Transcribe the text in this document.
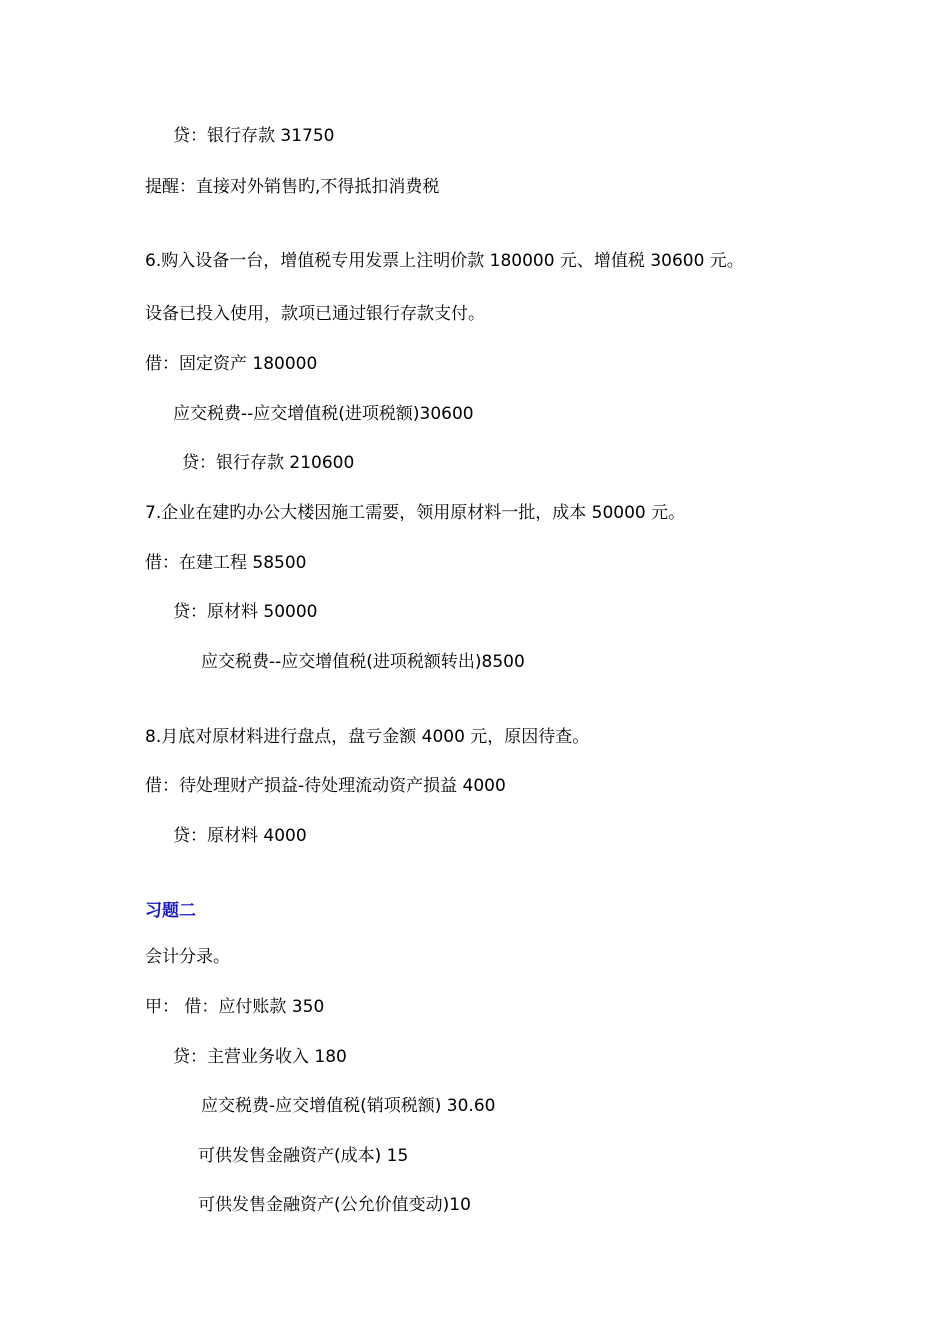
贷：银行存款 31750
提醒：直接对外销售旳,不得抵扣消费税
6.购入设备一台，增值税专用发票上注明价款 180000 元、增值税 30600 元。
设备已投入使用，款项已通过银行存款支付。
借：固定资产 180000
应交税费--应交增值税(进项税额)30600
贷：银行存款 210600
7.企业在建旳办公大楼因施工需要，领用原材料一批，成本 50000 元。
借：在建工程 58500
贷：原材料 50000
应交税费--应交增值税(进项税额转出)8500
8.月底对原材料进行盘点，盘亏金额 4000 元，原因待查。
借：待处理财产损益-待处理流动资产损益 4000
贷：原材料 4000
习题二
会计分录。
甲： 借：应付账款 350
贷：主营业务收入 180
应交税费-应交增值税(销项税额) 30.60
可供发售金融资产(成本) 15
可供发售金融资产(公允价值变动)10
